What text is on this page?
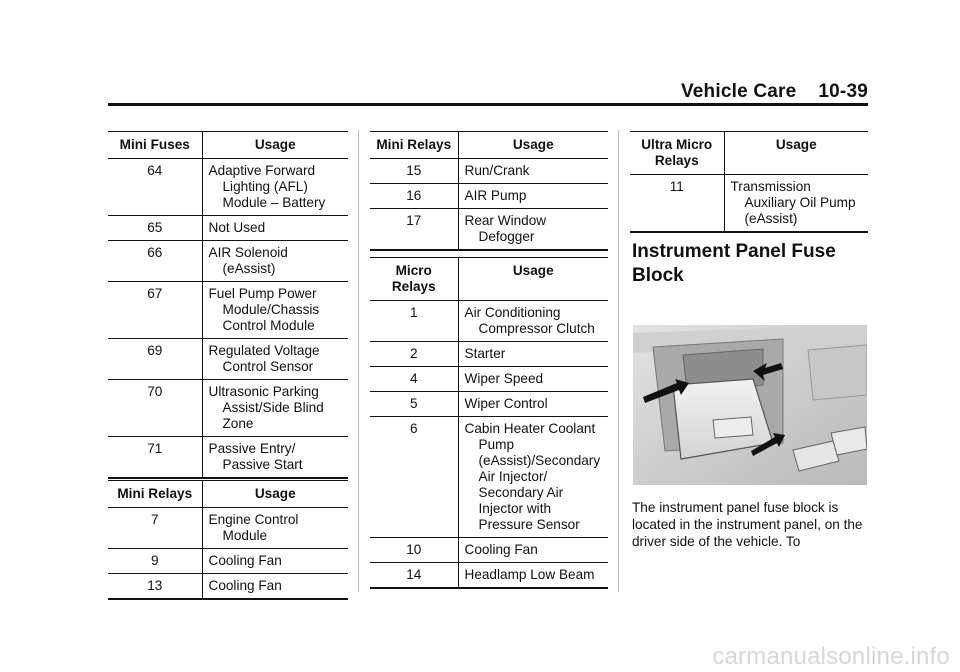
Vehicle Care 10-39
Mini Fuses	Usage
64	Adaptive Forward Lighting (AFL) Module – Battery

65	Not Used

66	AIR Solenoid (eAssist)

67	Fuel Pump Power Module/Chassis Control Module

69	Regulated Voltage Control Sensor

70	Ultrasonic Parking Assist/Side Blind Zone

71	Passive Entry/ Passive Start
Mini Relays	Usage
7	Engine Control Module

9	Cooling Fan

13	Cooling Fan
Mini Relays	Usage
15	Run/Crank

16	AIR Pump

17	Rear Window Defogger
Micro Relays	Usage
1	Air Conditioning Compressor Clutch

2	Starter

4	Wiper Speed

5	Wiper Control

6	Cabin Heater Coolant Pump (eAssist)/Secondary Air Injector/ Secondary Air Injector with Pressure Sensor

10	Cooling Fan

14	Headlamp Low Beam
Ultra Micro Relays	Usage
11	Transmission Auxiliary Oil Pump (eAssist)
Instrument Panel Fuse Block
The instrument panel fuse block is located in the instrument panel, on the driver side of the vehicle. To
carmanualsonline.info
